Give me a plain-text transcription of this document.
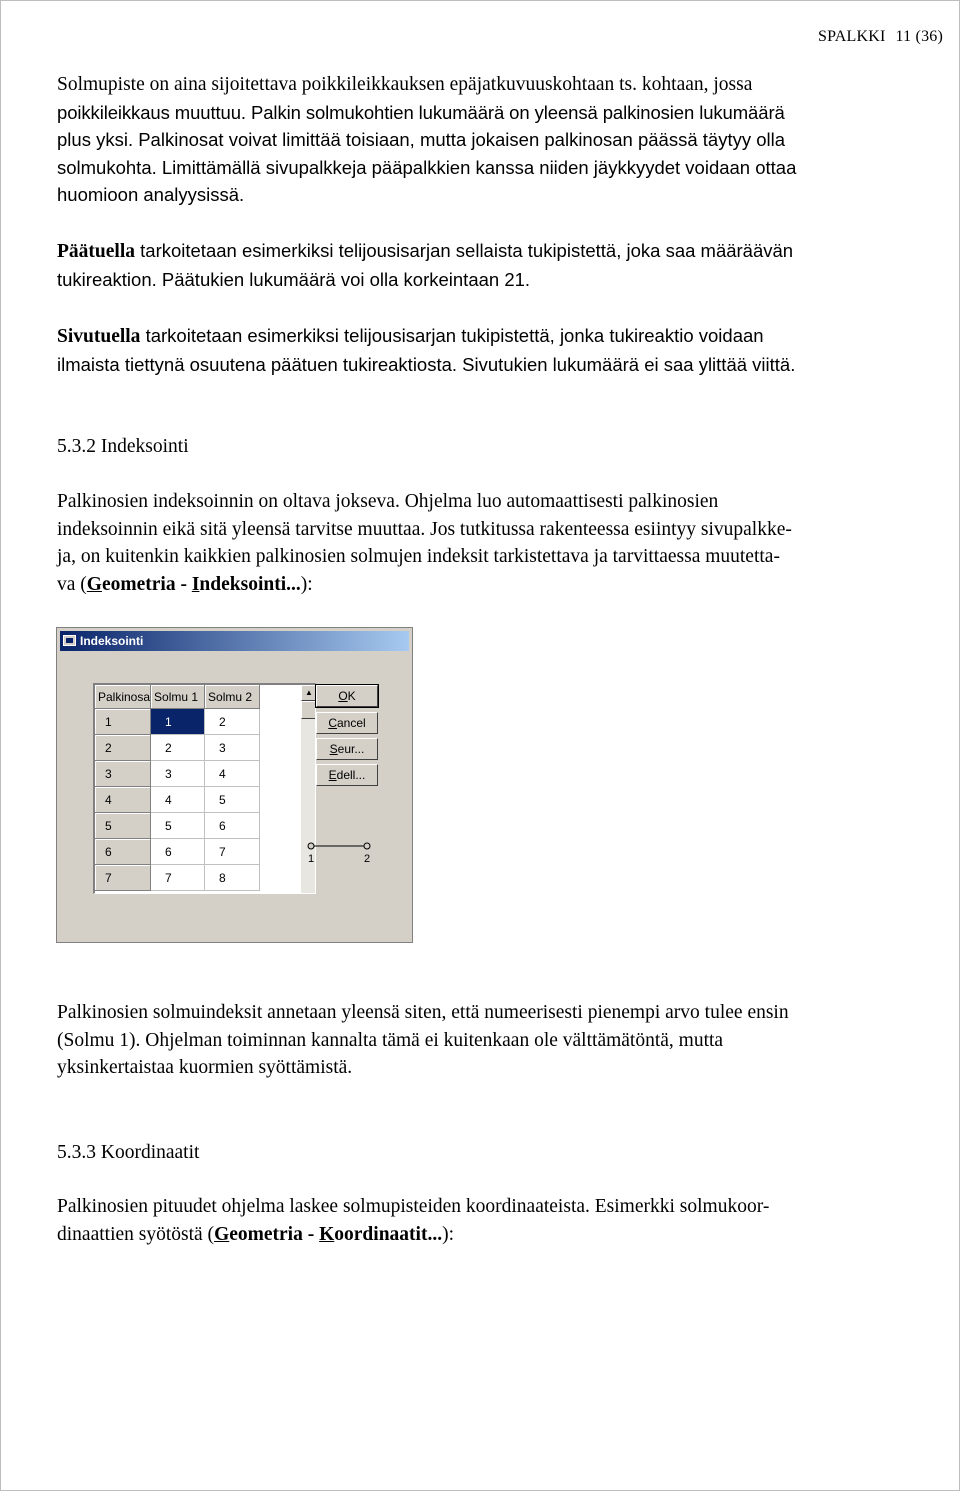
SPALKKI 11 (36)

Solmupiste on aina sijoitettava poikkileikkauksen epäjatkuvuuskohtaan ts. kohtaan, jossa

poikkileikkaus muuttuu. Palkin solmukohtien lukumäärä on yleensä palkinosien lukumäärä

plus yksi. Palkinosat voivat limittää toisiaan, mutta jokaisen palkinosan päässä täytyy olla

solmukohta. Limittämällä sivupalkkeja pääpalkkien kanssa niiden jäykkyydet voidaan ottaa

huomioon analyysissä.

Päätuella tarkoitetaan esimerkiksi telijousisarjan sellaista tukipistettä, joka saa määräävän

tukireaktion. Päätukien lukumäärä voi olla korkeintaan 21.

Sivutuella tarkoitetaan esimerkiksi telijousisarjan tukipistettä, jonka tukireaktio voidaan

ilmaista tiettynä osuutena päätuen tukireaktiosta. Sivutukien lukumäärä ei saa ylittää viittä.

5.3.2 Indeksointi

Palkinosien indeksoinnin on oltava jokseva. Ohjelma luo automaattisesti palkinosien

indeksoinnin eikä sitä yleensä tarvitse muuttaa. Jos tutkitussa rakenteessa esiintyy sivupalkke-

ja, on kuitenkin kaikkien palkinosien solmujen indeksit tarkistettava ja tarvittaessa muutetta-

va (Geometria - Indeksointi...):

Indeksointi
Palkinosa	Solmu 1	Solmu 2
1	1	2
2	2	3
3	3	4
4	4	5
5	5	6
6	6	7
7	7	8
▲	OK
Cancel
Seur...
Edell...
1	2

Palkinosien solmuindeksit annetaan yleensä siten, että numeerisesti pienempi arvo tulee ensin

(Solmu 1). Ohjelman toiminnan kannalta tämä ei kuitenkaan ole välttämätöntä, mutta

yksinkertaistaa kuormien syöttämistä.

5.3.3 Koordinaatit

Palkinosien pituudet ohjelma laskee solmupisteiden koordinaateista. Esimerkki solmukoor-

dinaattien syötöstä (Geometria - Koordinaatit...):
